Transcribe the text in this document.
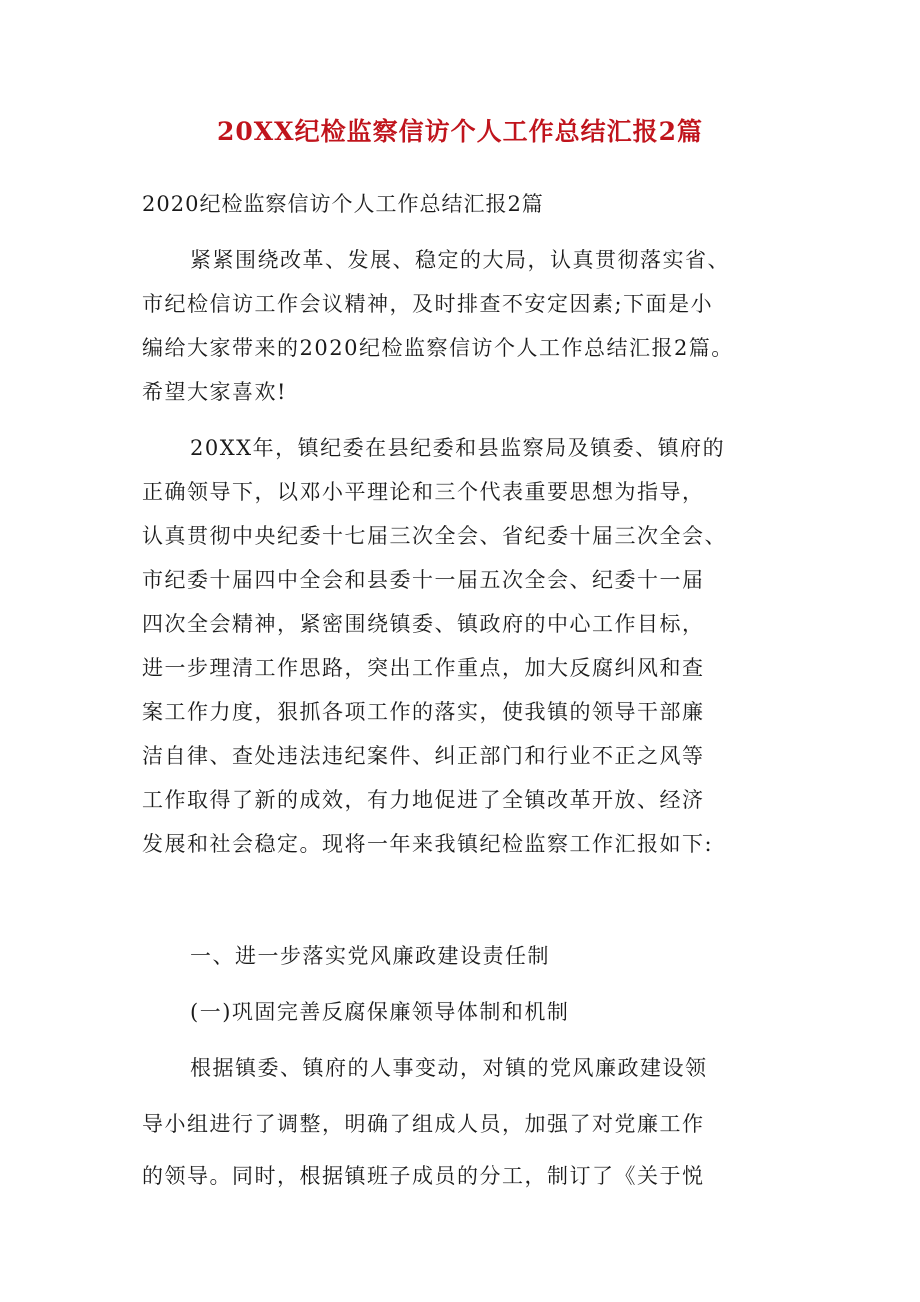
20XX纪检监察信访个人工作总结汇报2篇
2020纪检监察信访个人工作总结汇报2篇
紧紧围绕改革、发展、稳定的大局，认真贯彻落实省、
市纪检信访工作会议精神，及时排查不安定因素;下面是小
编给大家带来的2020纪检监察信访个人工作总结汇报2篇。
希望大家喜欢!
20XX年，镇纪委在县纪委和县监察局及镇委、镇府的
正确领导下，以邓小平理论和三个代表重要思想为指导，
认真贯彻中央纪委十七届三次全会、省纪委十届三次全会、
市纪委十届四中全会和县委十一届五次全会、纪委十一届
四次全会精神，紧密围绕镇委、镇政府的中心工作目标，
进一步理清工作思路，突出工作重点，加大反腐纠风和查
案工作力度，狠抓各项工作的落实，使我镇的领导干部廉
洁自律、查处违法违纪案件、纠正部门和行业不正之风等
工作取得了新的成效，有力地促进了全镇改革开放、经济
发展和社会稳定。现将一年来我镇纪检监察工作汇报如下:
一、进一步落实党风廉政建设责任制
(一)巩固完善反腐保廉领导体制和机制
根据镇委、镇府的人事变动，对镇的党风廉政建设领
导小组进行了调整，明确了组成人员，加强了对党廉工作
的领导。同时，根据镇班子成员的分工，制订了《关于悦
